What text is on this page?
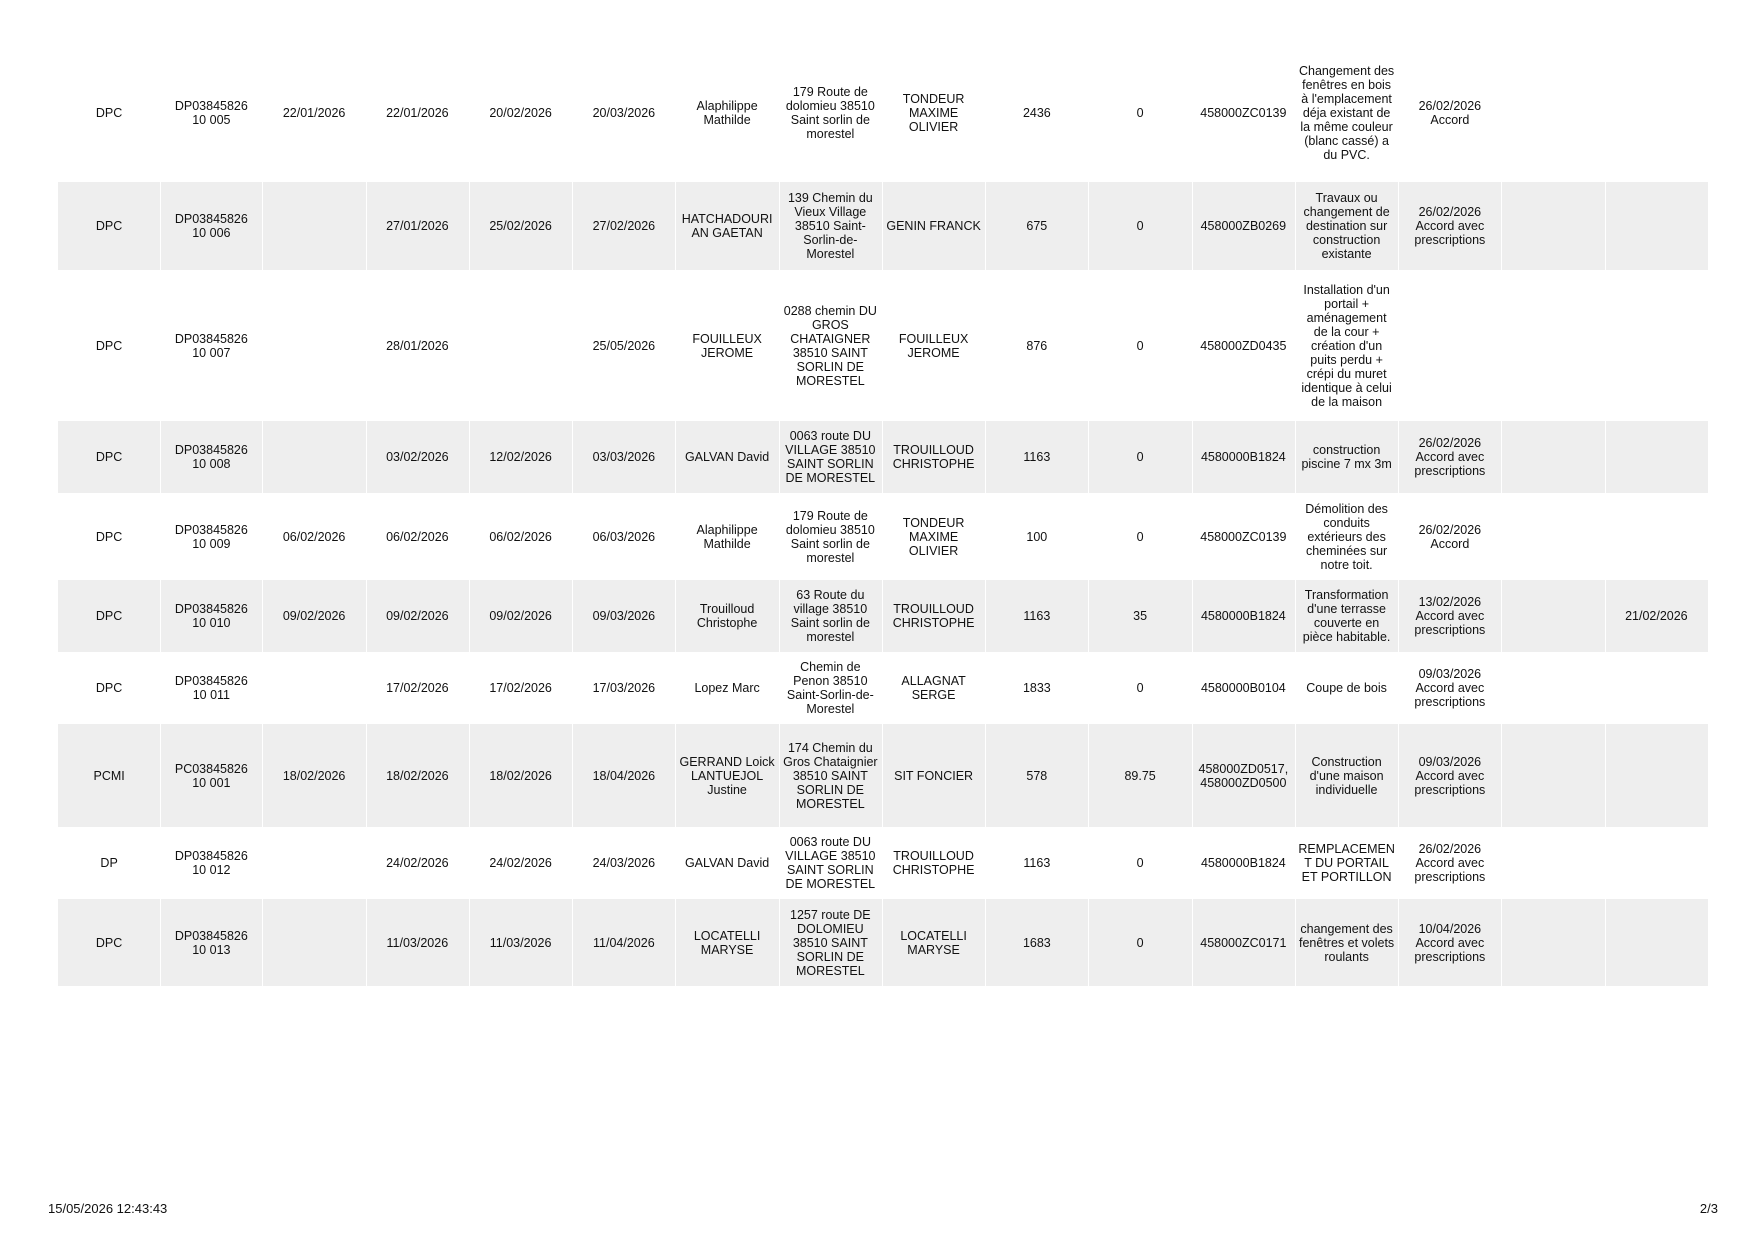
DPC	DP0384582610 005	22/01/2026	22/01/2026	20/02/2026	20/03/2026	Alaphilippe Mathilde	179 Route de dolomieu 38510 Saint sorlin de morestel	TONDEUR MAXIME OLIVIER	2436	0	458000ZC0139	Changement des fenêtres en bois à l'emplacement déja existant de la même couleur (blanc cassé) a du PVC.	26/02/2026 Accord		
DPC	DP0384582610 006		27/01/2026	25/02/2026	27/02/2026	HATCHADOURIAN GAETAN	139 Chemin du Vieux Village 38510 Saint-Sorlin-de-Morestel	GENIN FRANCK	675	0	458000ZB0269	Travaux ou changement de destination sur construction existante	26/02/2026 Accord avec prescriptions		
DPC	DP0384582610 007		28/01/2026		25/05/2026	FOUILLEUX JEROME	0288 chemin DU GROS CHATAIGNER 38510 SAINT SORLIN DE MORESTEL	FOUILLEUX JEROME	876	0	458000ZD0435	Installation d'un portail + aménagement de la cour + création d'un puits perdu + crépi du muret identique à celui de la maison			
DPC	DP0384582610 008		03/02/2026	12/02/2026	03/03/2026	GALVAN David	0063 route DU VILLAGE 38510 SAINT SORLIN DE MORESTEL	TROUILLOUD CHRISTOPHE	1163	0	4580000B1824	construction piscine 7 mx 3m	26/02/2026 Accord avec prescriptions		
DPC	DP0384582610 009	06/02/2026	06/02/2026	06/02/2026	06/03/2026	Alaphilippe Mathilde	179 Route de dolomieu 38510 Saint sorlin de morestel	TONDEUR MAXIME OLIVIER	100	0	458000ZC0139	Démolition des conduits extérieurs des cheminées sur notre toit.	26/02/2026 Accord		
DPC	DP0384582610 010	09/02/2026	09/02/2026	09/02/2026	09/03/2026	Trouilloud Christophe	63 Route du village 38510 Saint sorlin de morestel	TROUILLOUD CHRISTOPHE	1163	35	4580000B1824	Transformation d'une terrasse couverte en pièce habitable.	13/02/2026 Accord avec prescriptions		21/02/2026
DPC	DP0384582610 011		17/02/2026	17/02/2026	17/03/2026	Lopez Marc	Chemin de Penon 38510 Saint-Sorlin-de-Morestel	ALLAGNAT SERGE	1833	0	4580000B0104	Coupe de bois	09/03/2026 Accord avec prescriptions		
PCMI	PC0384582610 001	18/02/2026	18/02/2026	18/02/2026	18/04/2026	GERRAND Loick LANTUEJOL Justine	174 Chemin du Gros Chataignier 38510 SAINT SORLIN DE MORESTEL	SIT FONCIER	578	89.75	458000ZD0517, 458000ZD0500	Construction d'une maison individuelle	09/03/2026 Accord avec prescriptions		
DP	DP0384582610 012		24/02/2026	24/02/2026	24/03/2026	GALVAN David	0063 route DU VILLAGE 38510 SAINT SORLIN DE MORESTEL	TROUILLOUD CHRISTOPHE	1163	0	4580000B1824	REMPLACEMENT DU PORTAIL ET PORTILLON	26/02/2026 Accord avec prescriptions		
DPC	DP0384582610 013		11/03/2026	11/03/2026	11/04/2026	LOCATELLI MARYSE	1257 route DE DOLOMIEU 38510 SAINT SORLIN DE MORESTEL	LOCATELLI MARYSE	1683	0	458000ZC0171	changement des fenêtres et volets roulants	10/04/2026 Accord avec prescriptions		
15/05/2026 12:43:43	2/3
